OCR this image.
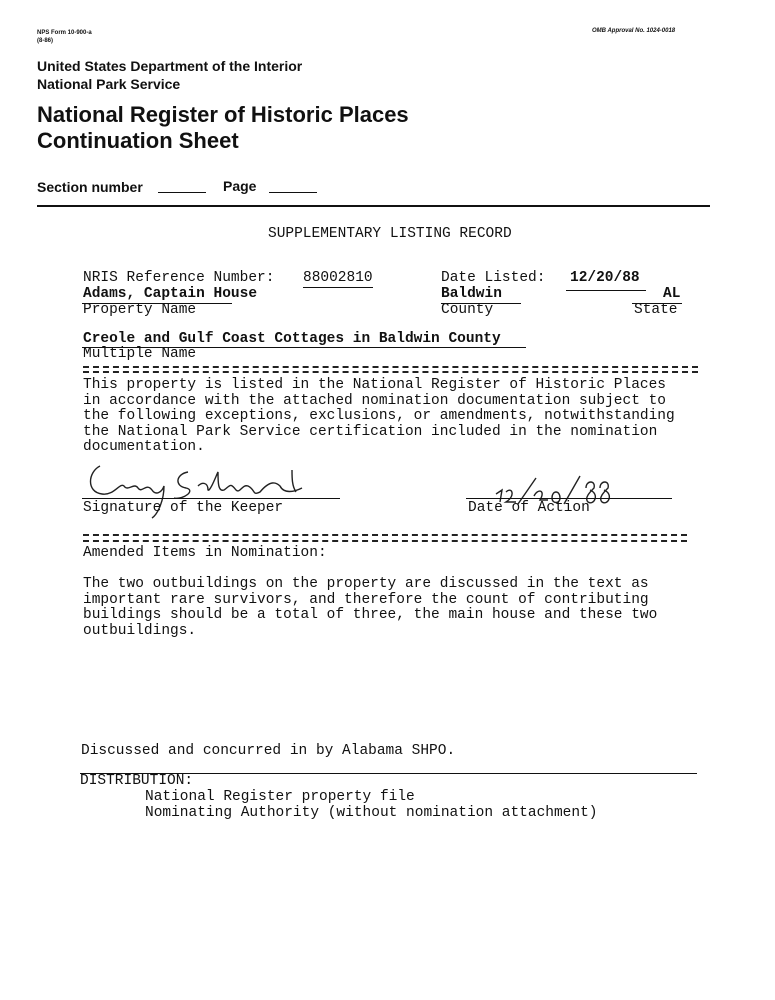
NPS Form 10-900-a
(8-86)
OMB Approval No. 1024-0018
United States Department of the Interior
National Park Service
National Register of Historic Places
Continuation Sheet
Section number	Page
SUPPLEMENTARY LISTING RECORD
NRIS Reference Number: 88002810	Date Listed: 12/20/88
Adams, Captain House	Baldwin	AL
Property Name	County	State
Creole and Gulf Coast Cottages in Baldwin County
Multiple Name
This property is listed in the National Register of Historic Places
in accordance with the attached nomination documentation subject to
the following exceptions, exclusions, or amendments, notwithstanding
the National Park Service certification included in the nomination
documentation.
Signature of the Keeper	Date of Action
Amended Items in Nomination:
The two outbuildings on the property are discussed in the text as
important rare survivors, and therefore the count of contributing
buildings should be a total of three, the main house and these two
outbuildings.
Discussed and concurred in by Alabama SHPO.
DISTRIBUTION:
National Register property file
Nominating Authority (without nomination attachment)
